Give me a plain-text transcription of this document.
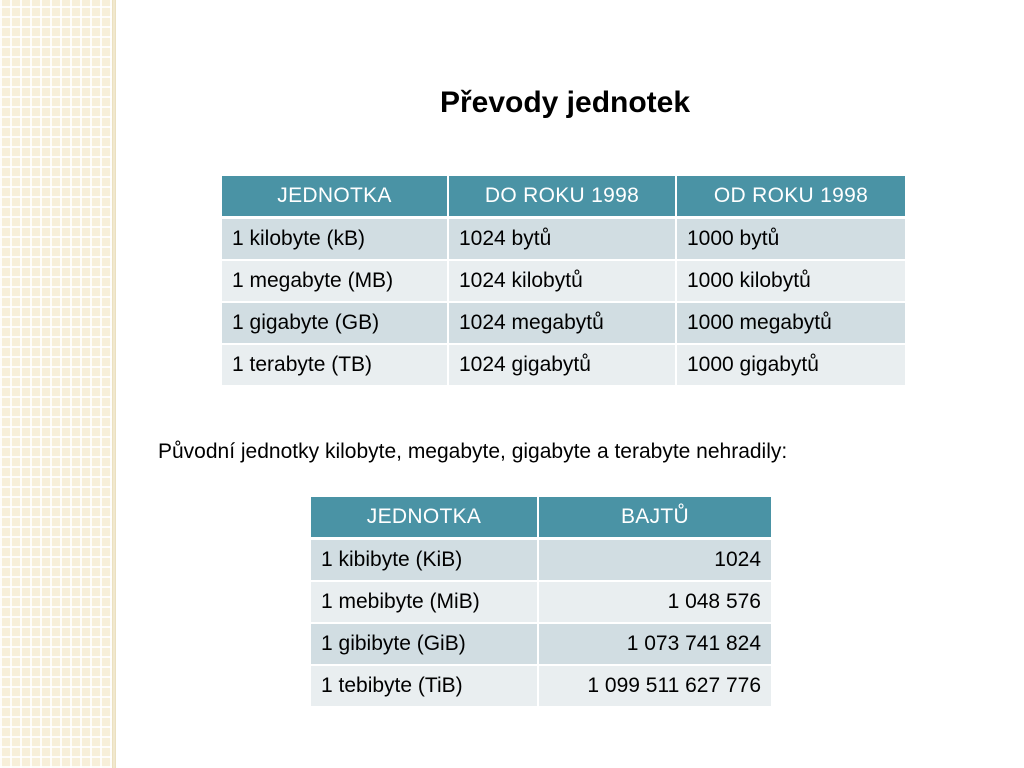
Převody jednotek
JEDNOTKA	DO ROKU 1998	OD ROKU 1998
1 kilobyte (kB)	1024 bytů	1000 bytů
1 megabyte (MB)	1024 kilobytů	1000 kilobytů
1 gigabyte (GB)	1024 megabytů	1000 megabytů
1 terabyte (TB)	1024 gigabytů	1000 gigabytů
Původní jednotky kilobyte, megabyte, gigabyte a terabyte nehradily:
JEDNOTKA	BAJTŮ
1 kibibyte (KiB)	1024
1 mebibyte (MiB)	1 048 576
1 gibibyte (GiB)	1 073 741 824
1 tebibyte (TiB)	1 099 511 627 776
